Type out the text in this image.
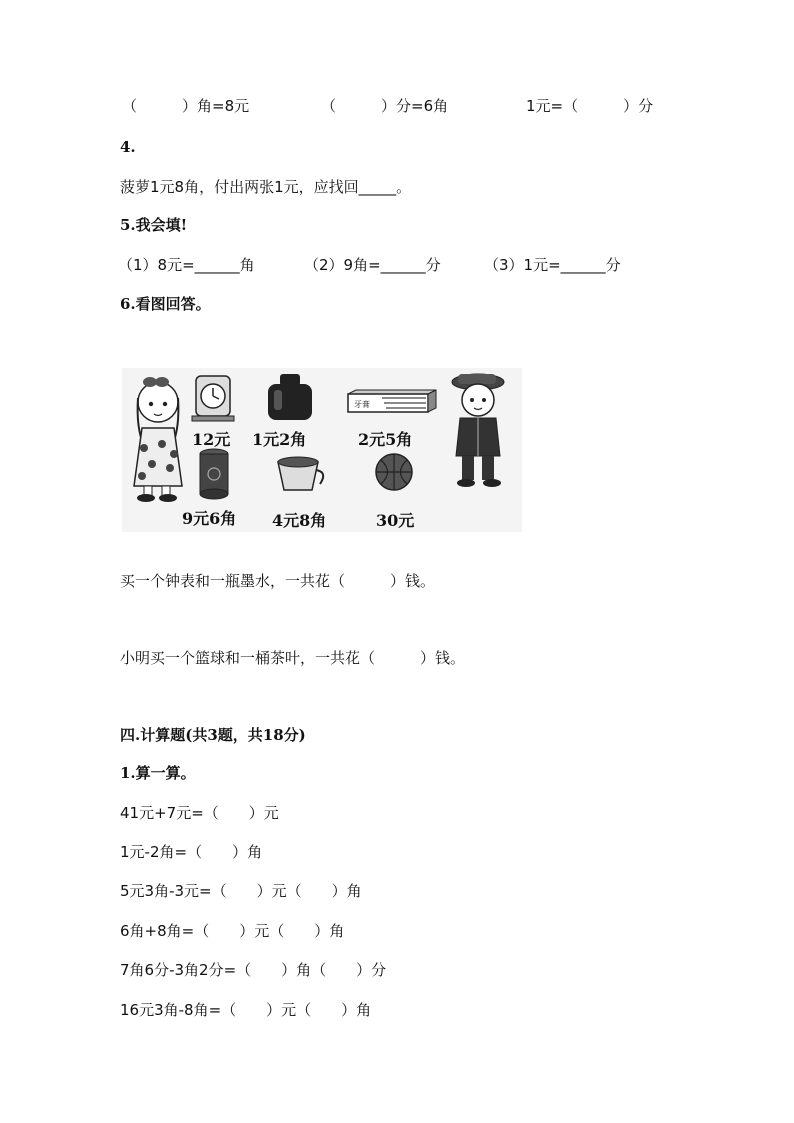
（　　　）角=8元	（　　　）分=6角	1元=（　　　）分
4.
菠萝1元8角，付出两张1元，应找回_____。
5.我会填!
（1）8元=______角	（2）9角=______分	（3）1元=______分
6.看图回答。
12元 1元2角
牙膏
2元5角
9元6角 4元8角	30元
买一个钟表和一瓶墨水，一共花（　　　）钱。
小明买一个篮球和一桶茶叶，一共花（　　　）钱。
四.计算题(共3题，共18分)
1.算一算。
41元+7元=（　　）元
1元-2角=（　　）角
5元3角-3元=（　　）元（　　）角
6角+8角=（　　）元（　　）角
7角6分-3角2分=（　　）角（　　）分
16元3角-8角=（　　）元（　　）角
